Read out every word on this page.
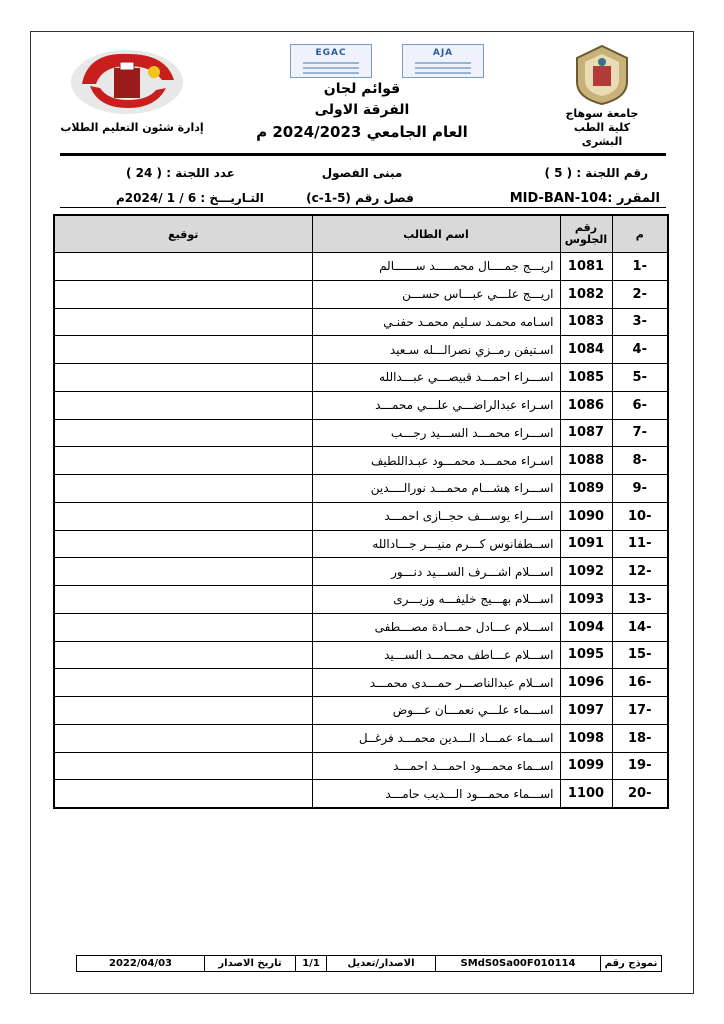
إدارة شئون التعليم الطلاب
EGAC	AJA
قوائم لجان
الفرقة الاولى
العام الجامعي 2024/2023 م
جامعة سوهاج
كلية الطب البشرى
رقم اللجنة : ( 5 )
مبنى الفصول
عدد اللجنة : ( 24 )
المقرر :MID-BAN-104
فصل رقم (c-1-5)
التـاريـــخ : 6 / 1 /2024م
م	رقم الجلوس	اسم الطالب	توقيع
-1	1081	اريـــج جمــــال محمـــــد ســــــالم	
-2	1082	اريـــج علـــي عبـــاس حســـن	
-3	1083	اسـامه محمـد سـليم محمـد حفنـي	
-4	1084	اسـتيفن رمــزي نصرالـــله سـعيد	
-5	1085	اســـراء احمـــد قبيصـــي عبـــدالله	
-6	1086	اسـراء عبدالراضـــي علـــي محمـــد	
-7	1087	اســـراء محمـــد الســـيد رجـــب	
-8	1088	اسـراء محمـــد محمـــود عبـداللطيف	
-9	1089	اســـراء هشـــام محمـــد نورالــــدين	
-10	1090	اســـراء يوســـف حجــازى احمـــد	
-11	1091	اســطفانوس كـــرم منيـــر جـــادالله	
-12	1092	اســـلام اشـــرف الســـيد دنـــور	
-13	1093	اســـلام بهـــيج خليفـــه وزيـــرى	
-14	1094	اســـلام عـــادل حمـــادة مصـــطفى	
-15	1095	اســـلام عـــاطف محمـــد الســـيد	
-16	1096	اســلام عبدالناصـــر حمـــدى محمـــد	
-17	1097	اســـماء علـــي نعمـــان عـــوض	
-18	1098	اســماء عمـــاد الـــدين محمـــد فرغــل	
-19	1099	اســماء محمـــود احمـــد احمـــد	
-20	1100	اســـماء محمـــود الـــديب حامـــد	
نموذج رقم
SMdS0Sa00F010114
الاصدار/تعديل
1/1
تاريخ الاصدار
2022/04/03
